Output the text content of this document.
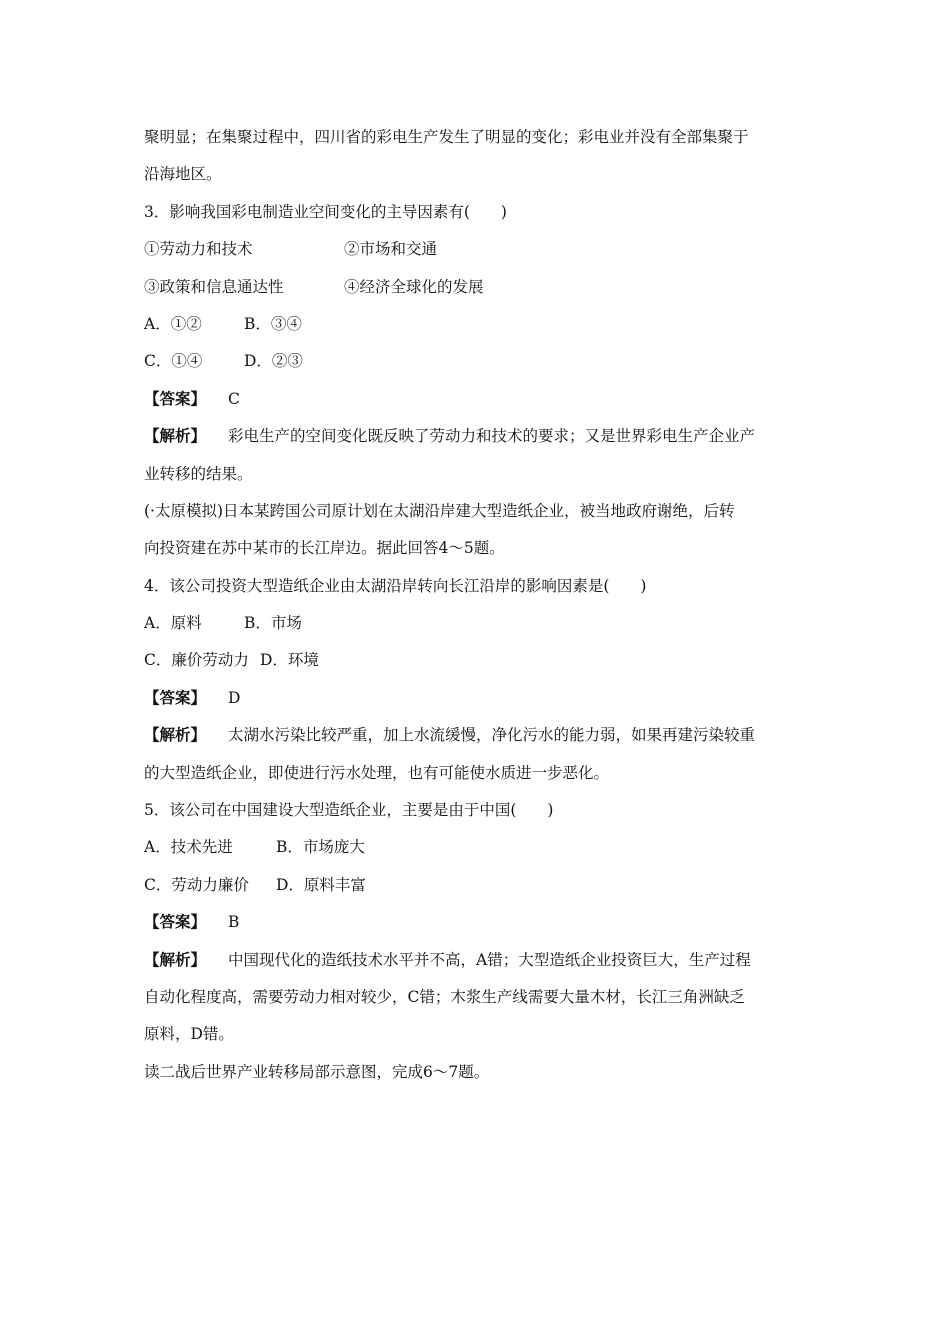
聚明显；在集聚过程中，四川省的彩电生产发生了明显的变化；彩电业并没有全部集聚于
沿海地区。
3．影响我国彩电制造业空间变化的主导因素有(　　)
①劳动力和技术	②市场和交通
③政策和信息通达性	④经济全球化的发展
A．①②	B．③④
C．①④	D．②③
【答案】 C
【解析】 彩电生产的空间变化既反映了劳动力和技术的要求；又是世界彩电生产企业产
业转移的结果。
(·太原模拟)日本某跨国公司原计划在太湖沿岸建大型造纸企业，被当地政府谢绝，后转
向投资建在苏中某市的长江岸边。据此回答4～5题。
4．该公司投资大型造纸企业由太湖沿岸转向长江沿岸的影响因素是(　　)
A．原料	B．市场
C．廉价劳动力 D．环境
【答案】 D
【解析】 太湖水污染比较严重，加上水流缓慢，净化污水的能力弱，如果再建污染较重
的大型造纸企业，即使进行污水处理，也有可能使水质进一步恶化。
5．该公司在中国建设大型造纸企业，主要是由于中国(　　)
A．技术先进	B．市场庞大
C．劳动力廉价 D．原料丰富
【答案】 B
【解析】 中国现代化的造纸技术水平并不高，A错；大型造纸企业投资巨大，生产过程
自动化程度高，需要劳动力相对较少，C错；木浆生产线需要大量木材，长江三角洲缺乏
原料，D错。
读二战后世界产业转移局部示意图，完成6～7题。
